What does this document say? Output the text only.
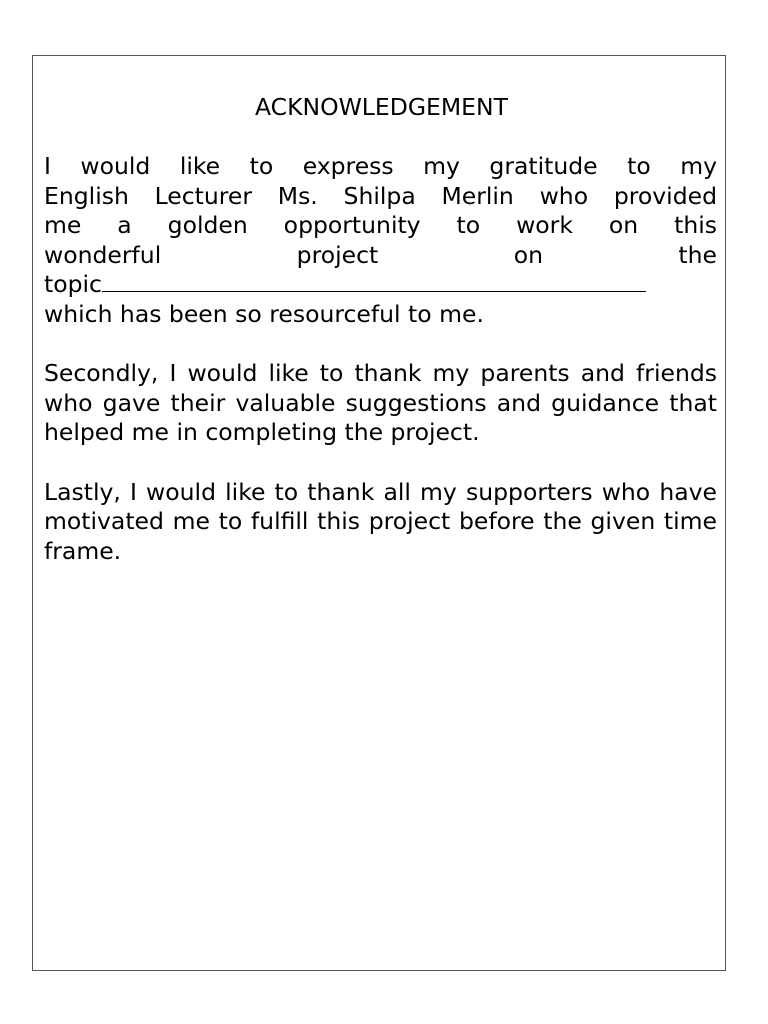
ACKNOWLEDGEMENT
I would like to express my gratitude to my
English Lecturer Ms. Shilpa Merlin who provided
me a golden opportunity to work on this
wonderful project on the
topic
which has been so resourceful to me.
Secondly, I would like to thank my parents and friends who gave their valuable suggestions and guidance that helped me in completing the project.
Lastly, I would like to thank all my supporters who have motivated me to fulfill this project before the given time frame.
